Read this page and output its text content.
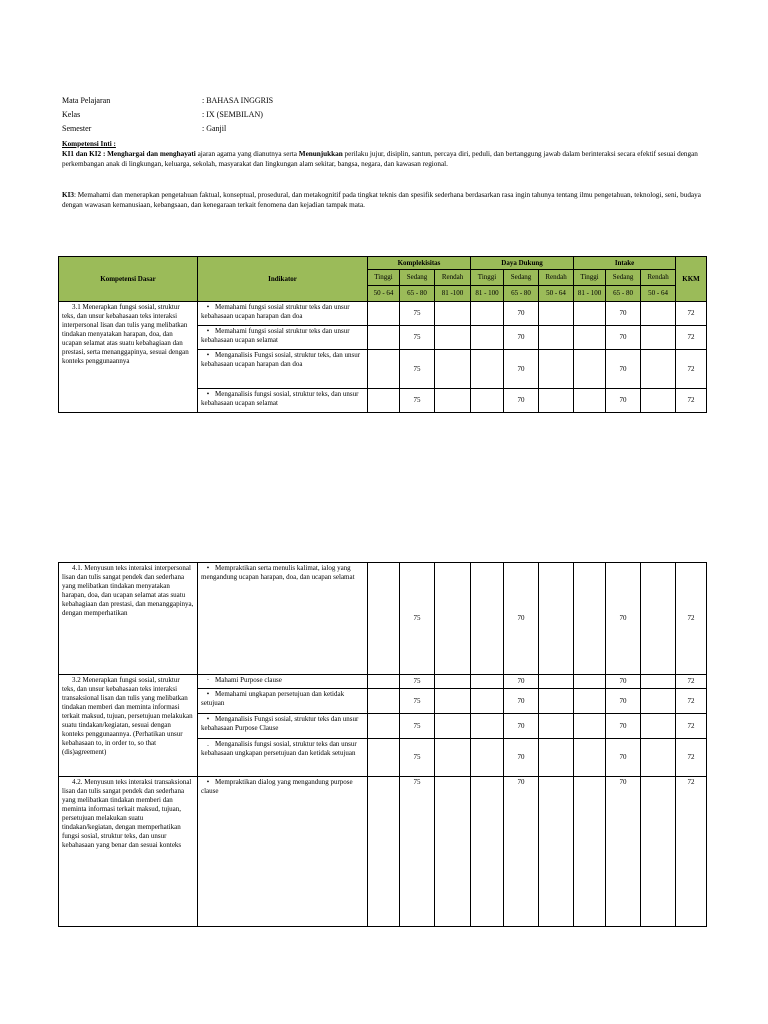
Mata Pelajaran	: BAHASA INGGRIS
Kelas	: IX (SEMBILAN)
Semester	: Ganjil
Kompetensi Inti :
KI1 dan KI2 : Menghargai dan menghayati ajaran agama yang dianutnya serta Menunjukkan perilaku jujur, disiplin, santun, percaya diri, peduli, dan bertanggung jawab dalam berinteraksi secara efektif sesuai dengan perkembangan anak di lingkungan, keluarga, sekolah, masyarakat dan lingkungan alam sekitar, bangsa, negara, dan kawasan regional.
KI3: Memahami dan menerapkan pengetahuan faktual, konseptual, prosedural, dan metakognitif pada tingkat teknis dan spesifik sederhana berdasarkan rasa ingin tahunya tentang ilmu pengetahuan, teknologi, seni, budaya dengan wawasan kemanusiaan, kebangsaan, dan kenegaraan terkait fenomena dan kejadian tampak mata.
Kompetensi Dasar	Indikator	Komplekisitas			Daya Dukung			Intake			KKM
		Tinggi	Sedang	Rendah	Tinggi	Sedang	Rendah	Tinggi	Sedang	Rendah	
		50 - 64	65 - 80	81 -100	81 - 100	65 - 80	50 - 64	81 - 100	65 - 80	50 - 64	
3.1 Menerapkan fungsi sosial, struktur teks, dan unsur kebahasaan teks interaksi interpersonal lisan dan tulis yang melibatkan tindakan menyatakan harapan, doa, dan ucapan selamat atas suatu kebahagiaan dan prestasi, serta menanggapinya, sesuai dengan konteks penggunaannya	• Memahami fungsi sosial struktur teks dan unsur kebahasaan ucapan harapan dan doa		75			70			70		72
	• Memahami fungsi sosial struktur teks dan unsur kebahasaan ucapan selamat		75			70			70		72
	• Menganalisis Fungsi sosial, struktur teks, dan unsur kebahasaan ucapan harapan dan doa		75			70			70		72
	• Menganalisis fungsi sosial, struktur teks, dan unsur kebahasaan ucapan selamat		75			70			70		72
4.1. Menyusun teks interaksi interpersonal lisan dan tulis sangat pendek dan sederhana yang melibatkan tindakan menyatakan harapan, doa, dan ucapan selamat atas suatu kebahagiaan dan prestasi, dan menanggapinya, dengan memperhatikan	• Mempraktikan serta menulis kalimat, ialog yang mengandung ucapan harapan, doa, dan ucapan selamat		75			70			70		72
3.2 Menerapkan fungsi sosial, struktur teks, dan unsur kebahasaan teks interaksi transaksional lisan dan tulis yang melibatkan tindakan memberi dan meminta informasi terkait maksud, tujuan, persetujuan melakukan suatu tindakan/kegiatan, sesuai dengan konteks penggunaannya. (Perhatikan unsur kebahasaan to, in order to, so that (dis)agreement)	· Mahami Purpose clause		75			70			70		72
	• Memahami ungkapan persetujuan dan ketidak setujuan		75			70			70		72
	• Menganalisis Fungsi sosial, struktur teks dan unsur kebahasaan Purpose Clause		75			70			70		72
	. Menganalisis fungsi sosial, struktur teks dan unsur kebahasaan ungkapan persetujuan dan ketidak setujuan		75			70			70		72
4.2. Menyusun teks interaksi transaksional lisan dan tulis sangat pendek dan sederhana yang melibatkan tindakan memberi dan meminta informasi terkait maksud, tujuan, persetujuan melakukan suatu tindakan/kegiatan, dengan memperhatikan fungsi sosial, struktur teks, dan unsur kebahasaan yang benar dan sesuai konteks	• Mempraktikan dialog yang mengandung purpose clause		75			70			70		72
